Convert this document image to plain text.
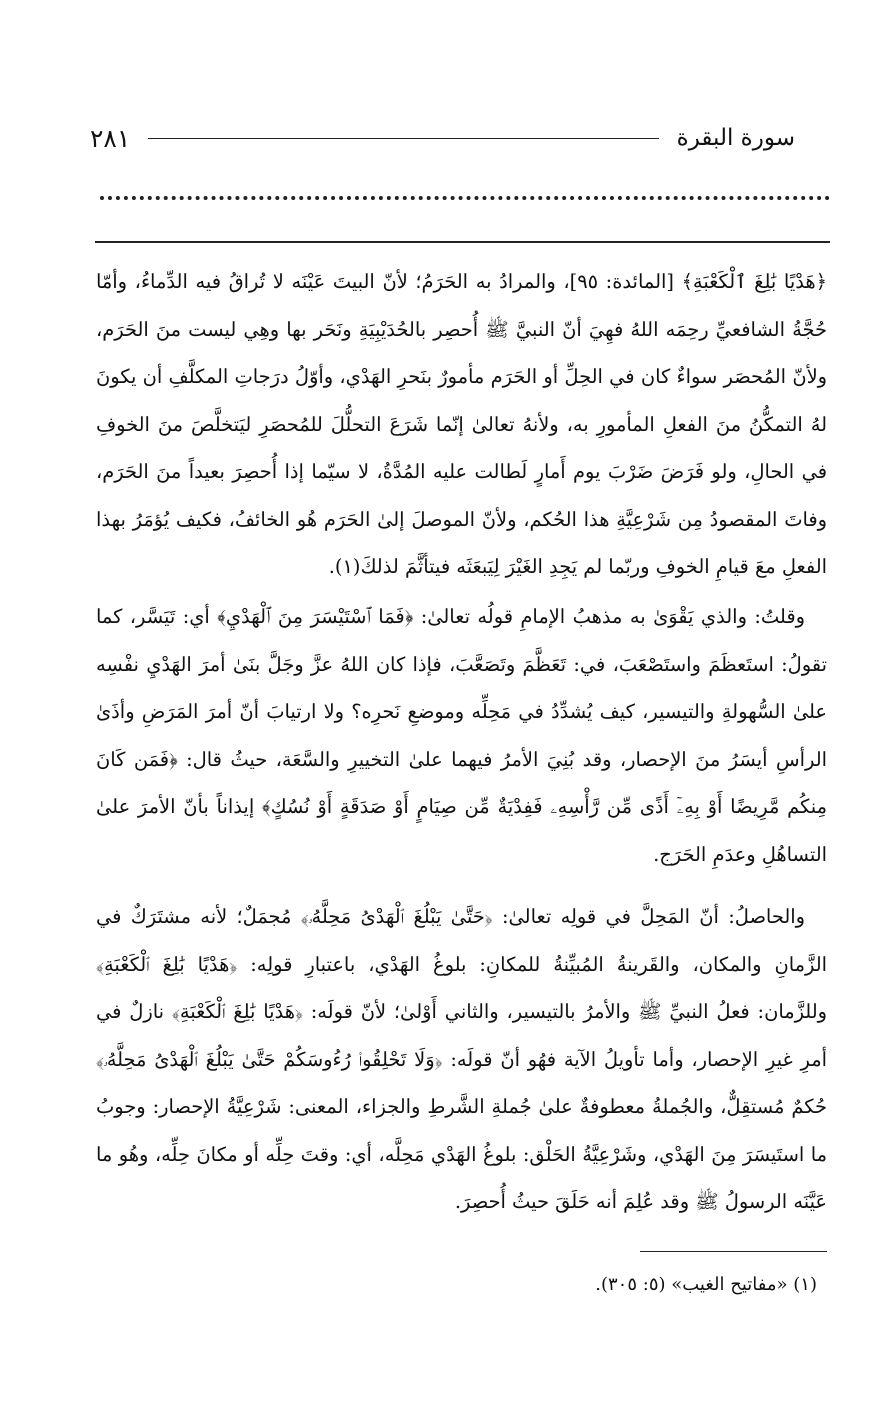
سورة البقرة
٢٨١

﴿هَدْيًا بَٰلِغَ ٱلْكَعْبَةِ﴾ [المائدة: ٩٥]، والمرادُ به الحَرَمُ؛ لأنّ البيتَ عَيْنَه لا تُراقُ فيه الدِّماءُ، وأمّا حُجَّةُ الشافعيِّ رحِمَه اللهُ فهِيَ أنّ النبيَّ ﷺ أُحصِر بالحُدَيْبِيَةِ ونَحَر بها وهِي ليست منَ الحَرَم، ولأنّ المُحصَر سواءٌ كان في الحِلِّ أو الحَرَم مأمورٌ بنَحرِ الهَدْي، وأوّلُ درَجاتِ المكلَّفِ أن يكونَ لهُ التمكُّنُ منَ الفعلِ المأمورِ به، ولأنهُ تعالىٰ إنّما شَرَعَ التحلُّلَ للمُحصَرِ ليَتخلَّصَ منَ الخوفِ في الحالِ، ولو فَرَضَ ضَرْبَ يوم أَمارٍ لَطالت عليه المُدَّةُ، لا سيّما إذا أُحصِرَ بعيداً منَ الحَرَم، وفاتَ المقصودُ مِن شَرْعِيَّةِ هذا الحُكم، ولأنّ الموصلَ إلىٰ الحَرَم هُو الخائفُ، فكيف يُؤمَرُ بهذا الفعلِ معَ قيامِ الخوفِ وربّما لم يَجِدِ الغَيْرَ لِيَبعَثَه فيتأثَّمَ لذلكَ(١).

وقلتُ: والذي يَقْوَىٰ به مذهبُ الإمامِ قولُه تعالىٰ: ﴿فَمَا ٱسْتَيْسَرَ مِنَ ٱلْهَدْيِ﴾ أي: تَيَسَّر، كما تقولُ: استَعظَمَ واستَصْعَبَ، في: تَعَظَّمَ وتَصَعَّبَ، فإذا كان اللهُ عزَّ وجَلَّ بنَىٰ أمرَ الهَدْيِ نفْسِه علىٰ السُّهولةِ والتيسير، كيف يُشدِّدُ في مَحِلِّه وموضعِ نَحرِه؟ ولا ارتيابَ أنّ أمرَ المَرَضِ وأذَىٰ الرأسِ أيسَرُ منَ الإحصار، وقد بُنِيَ الأمرُ فيهما علىٰ التخييرِ والسَّعَة، حيثُ قال: ﴿فَمَن كَانَ مِنكُم مَّرِيضًا أَوْ بِهِۦٓ أَذًى مِّن رَّأْسِهِۦ فَفِدْيَةٌ مِّن صِيَامٍ أَوْ صَدَقَةٍ أَوْ نُسُكٍ﴾ إيذاناً بأنّ الأمرَ علىٰ التساهُلِ وعدَمِ الحَرَج.

والحاصلُ: أنّ المَحِلَّ في قولِه تعالىٰ: ﴿حَتَّىٰ يَبْلُغَ ٱلْهَدْىُ مَحِلَّهُۥ﴾ مُجمَلٌ؛ لأنه مشتَرَكٌ في الزَّمانِ والمكان، والقَرينةُ المُبيِّنةُ للمكانِ: بلوغُ الهَدْي، باعتبارِ قولِه: ﴿هَدْيًا بَٰلِغَ ٱلْكَعْبَةِ﴾ وللزَّمان: فعلُ النبيِّ ﷺ والأمرُ بالتيسير، والثاني أَوْلىٰ؛ لأنّ قولَه: ﴿هَدْيًا بَٰلِغَ ٱلْكَعْبَةِ﴾ نازلٌ في أمرِ غيرِ الإحصار، وأما تأويلُ الآية فهُو أنّ قولَه: ﴿وَلَا تَحْلِقُوا۟ رُءُوسَكُمْ حَتَّىٰ يَبْلُغَ ٱلْهَدْىُ مَحِلَّهُۥ﴾ حُكمٌ مُستقِلٌّ، والجُملةُ معطوفةٌ علىٰ جُملةِ الشَّرطِ والجزاء، المعنى: شَرْعِيَّةُ الإحصار: وجوبُ ما استَيسَرَ مِنَ الهَدْي، وشَرْعِيَّةُ الحَلْق: بلوغُ الهَدْي مَحِلَّه، أي: وقتَ حِلِّه أو مكانَ حِلِّه، وهُو ما عَيَّنَه الرسولُ ﷺ وقد عُلِمَ أنه حَلَقَ حيثُ أُحصِرَ.

(١) «مفاتيح الغيب» (٥: ٣٠٥).
